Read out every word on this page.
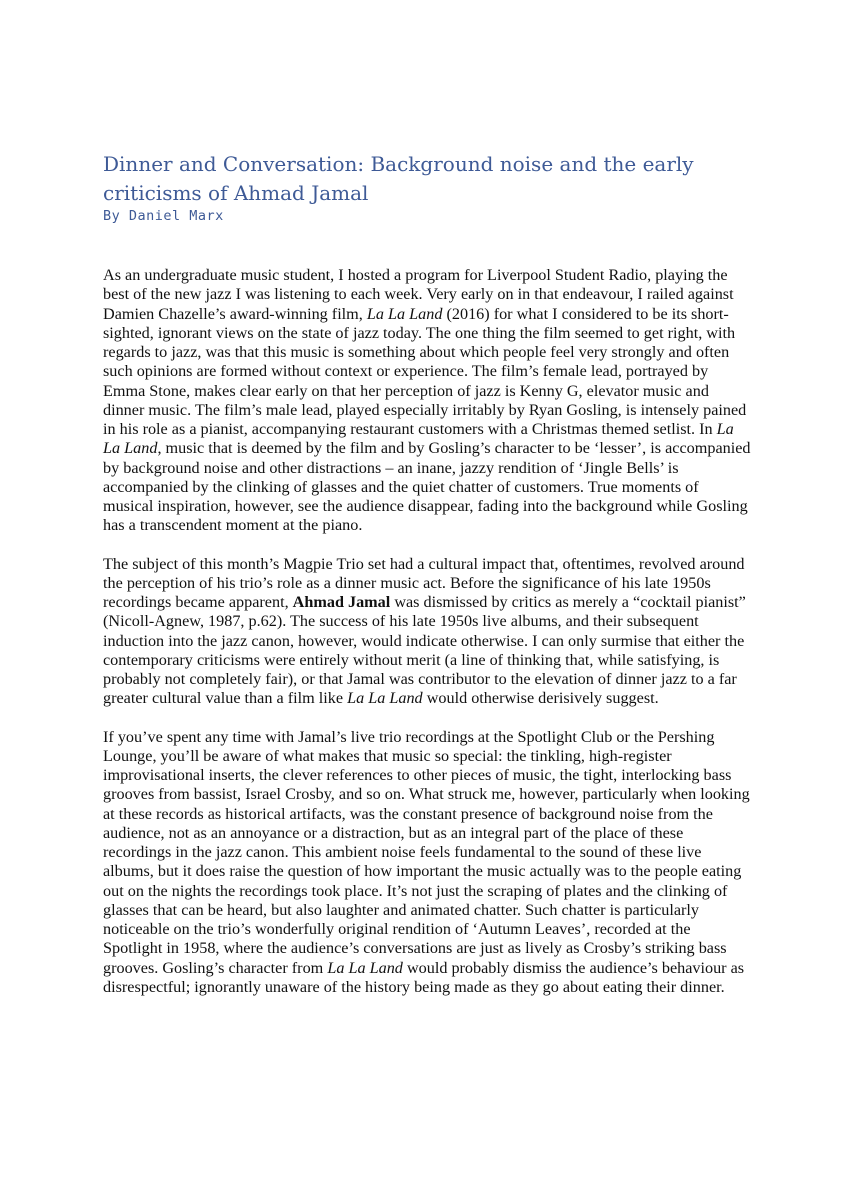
Dinner and Conversation: Background noise and the early criticisms of Ahmad Jamal

By Daniel Marx

As an undergraduate music student, I hosted a program for Liverpool Student Radio, playing the best of the new jazz I was listening to each week. Very early on in that endeavour, I railed against Damien Chazelle’s award-winning film, La La Land (2016) for what I considered to be its short-sighted, ignorant views on the state of jazz today. The one thing the film seemed to get right, with regards to jazz, was that this music is something about which people feel very strongly and often such opinions are formed without context or experience. The film’s female lead, portrayed by Emma Stone, makes clear early on that her perception of jazz is Kenny G, elevator music and dinner music. The film’s male lead, played especially irritably by Ryan Gosling, is intensely pained in his role as a pianist, accompanying restaurant customers with a Christmas themed setlist. In La La Land, music that is deemed by the film and by Gosling’s character to be ‘lesser’, is accompanied by background noise and other distractions – an inane, jazzy rendition of ‘Jingle Bells’ is accompanied by the clinking of glasses and the quiet chatter of customers. True moments of musical inspiration, however, see the audience disappear, fading into the background while Gosling has a transcendent moment at the piano.

The subject of this month’s Magpie Trio set had a cultural impact that, oftentimes, revolved around the perception of his trio’s role as a dinner music act. Before the significance of his late 1950s recordings became apparent, Ahmad Jamal was dismissed by critics as merely a “cocktail pianist” (Nicoll-Agnew, 1987, p.62). The success of his late 1950s live albums, and their subsequent induction into the jazz canon, however, would indicate otherwise. I can only surmise that either the contemporary criticisms were entirely without merit (a line of thinking that, while satisfying, is probably not completely fair), or that Jamal was contributor to the elevation of dinner jazz to a far greater cultural value than a film like La La Land would otherwise derisively suggest.

If you’ve spent any time with Jamal’s live trio recordings at the Spotlight Club or the Pershing Lounge, you’ll be aware of what makes that music so special: the tinkling, high-register improvisational inserts, the clever references to other pieces of music, the tight, interlocking bass grooves from bassist, Israel Crosby, and so on. What struck me, however, particularly when looking at these records as historical artifacts, was the constant presence of background noise from the audience, not as an annoyance or a distraction, but as an integral part of the place of these recordings in the jazz canon. This ambient noise feels fundamental to the sound of these live albums, but it does raise the question of how important the music actually was to the people eating out on the nights the recordings took place. It’s not just the scraping of plates and the clinking of glasses that can be heard, but also laughter and animated chatter. Such chatter is particularly noticeable on the trio’s wonderfully original rendition of ‘Autumn Leaves’, recorded at the Spotlight in 1958, where the audience’s conversations are just as lively as Crosby’s striking bass grooves. Gosling’s character from La La Land would probably dismiss the audience’s behaviour as disrespectful; ignorantly unaware of the history being made as they go about eating their dinner.
